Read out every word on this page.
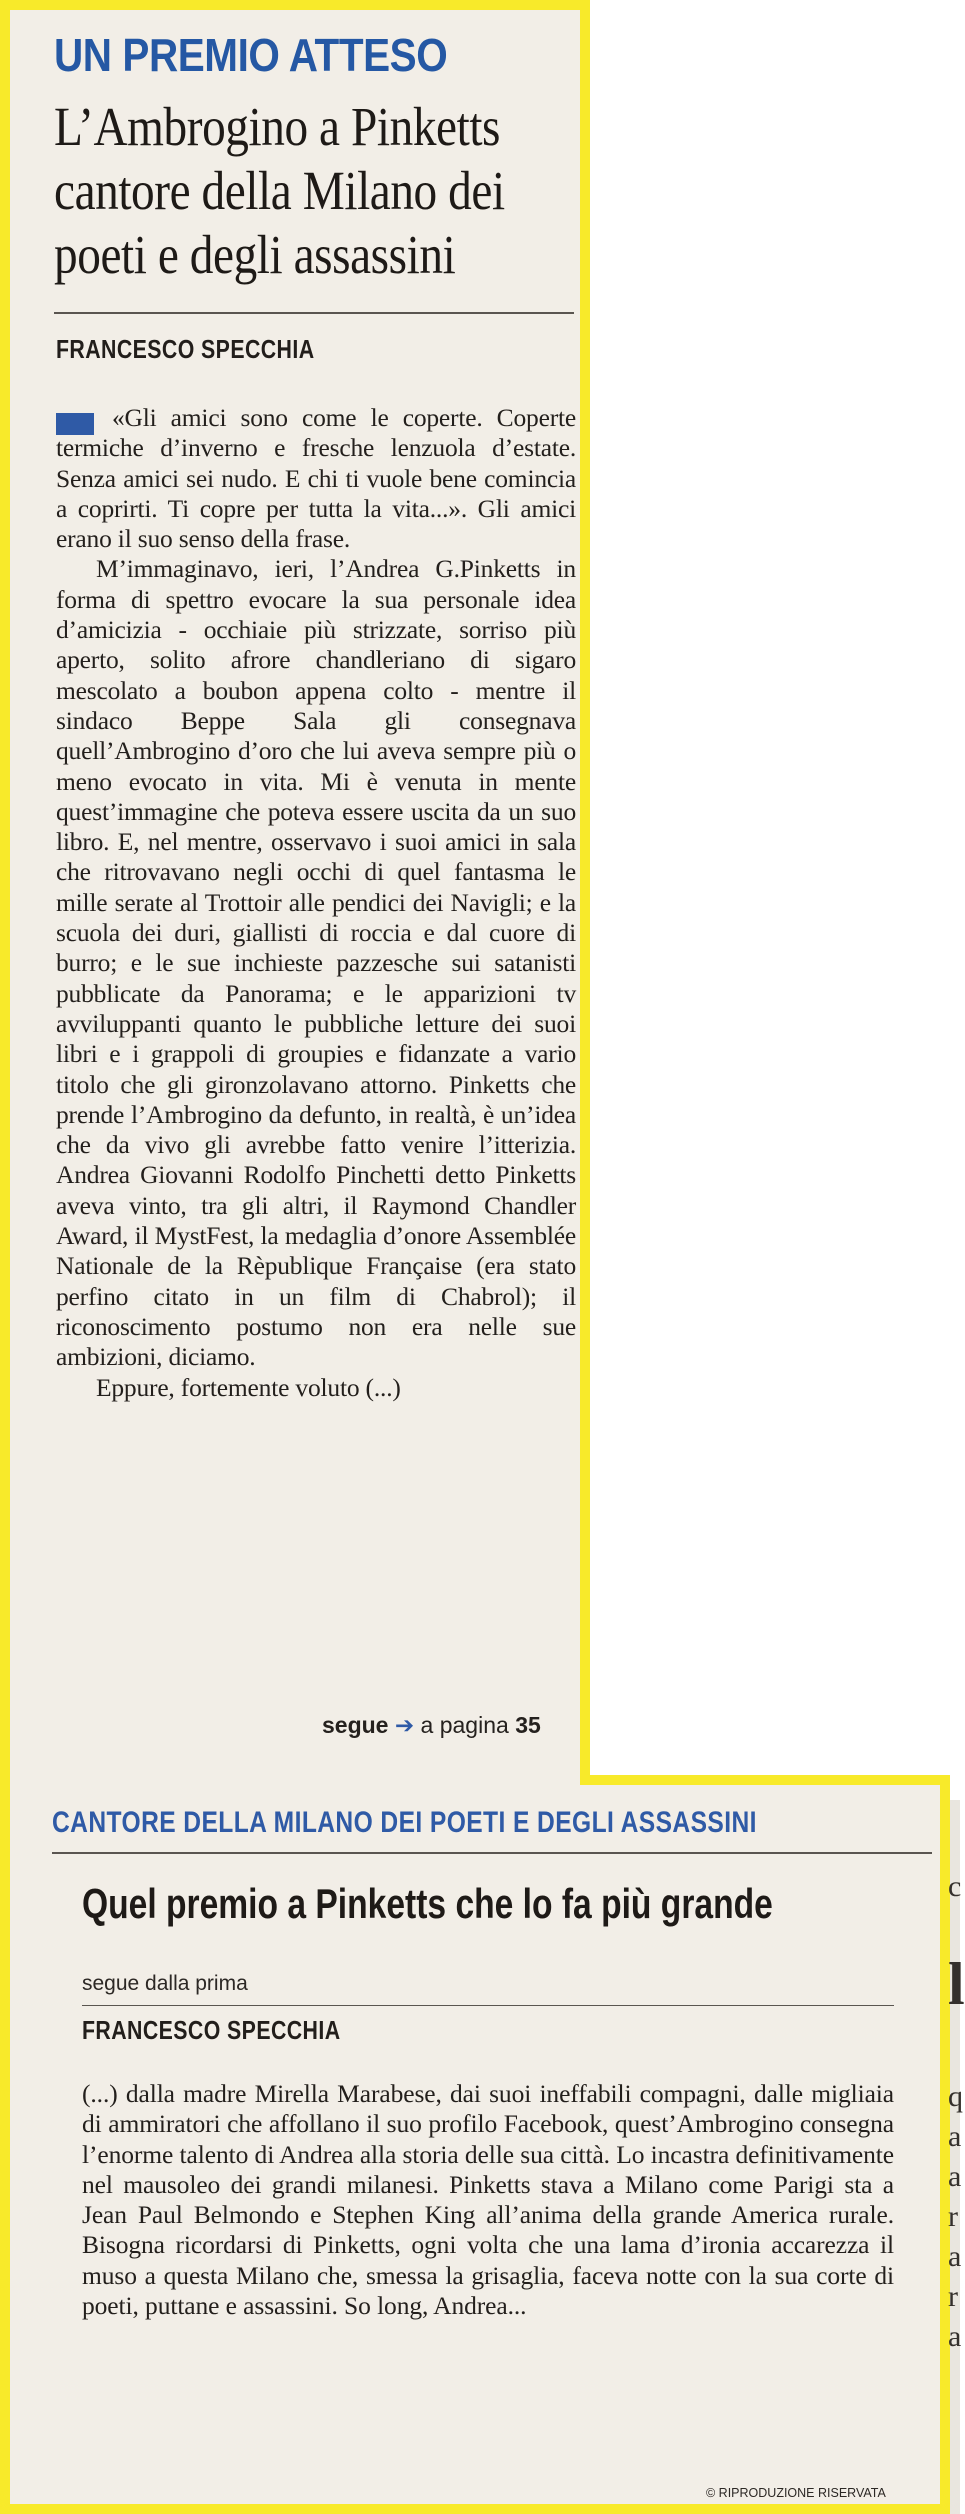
c
l
q
a
a
r
a
r
a
UN PREMIO ATTESO
L’Ambrogino a Pinketts cantore della Milano dei poeti e degli assassini
FRANCESCO SPECCHIA

«Gli amici sono come le coperte. Coperte termiche d’inverno e fresche lenzuola d’estate. Senza amici sei nudo. E chi ti vuole bene comincia a coprirti. Ti copre per tutta la vita...». Gli amici erano il suo senso della frase.

M’immaginavo, ieri, l’Andrea G.Pinketts in forma di spettro evocare la sua personale idea d’amicizia - occhiaie più strizzate, sorriso più aperto, solito afrore chandleriano di sigaro mescolato a boubon appena colto - mentre il sindaco Beppe Sala gli consegnava quell’Ambrogino d’oro che lui aveva sempre più o meno evocato in vita. Mi è venuta in mente quest’immagine che poteva essere uscita da un suo libro. E, nel mentre, osservavo i suoi amici in sala che ritrovavano negli occhi di quel fantasma le mille serate al Trottoir alle pendici dei Navigli; e la scuola dei duri, giallisti di roccia e dal cuore di burro; e le sue inchieste pazzesche sui satanisti pubblicate da Panorama; e le apparizioni tv avviluppanti quanto le pubbliche letture dei suoi libri e i grappoli di groupies e fidanzate a vario titolo che gli gironzolavano attorno. Pinketts che prende l’Ambrogino da defunto, in realtà, è un’idea che da vivo gli avrebbe fatto venire l’itterizia. Andrea Giovanni Rodolfo Pinchetti detto Pinketts aveva vinto, tra gli altri, il Raymond Chandler Award, il MystFest, la medaglia d’onore Assemblée Nationale de la Rèpublique Française (era stato perfino citato in un film di Chabrol); il riconoscimento postumo non era nelle sue ambizioni, diciamo.

Eppure, fortemente voluto (...)

segue ➔ a pagina 35
CANTORE DELLA MILANO DEI POETI E DEGLI ASSASSINI
Quel premio a Pinketts che lo fa più grande
segue dalla prima
FRANCESCO SPECCHIA

(...) dalla madre Mirella Marabese, dai suoi ineffabili compagni, dalle migliaia di ammiratori che affollano il suo profilo Facebook, quest’Ambrogino consegna l’enorme talento di Andrea alla storia delle sua città. Lo incastra definitivamente nel mausoleo dei grandi milanesi. Pinketts stava a Milano come Parigi sta a Jean Paul Belmondo e Stephen King all’anima della grande America rurale. Bisogna ricordarsi di Pinketts, ogni volta che una lama d’ironia accarezza il muso a questa Milano che, smessa la grisaglia, faceva notte con la sua corte di poeti, puttane e assassini. So long, Andrea...

© RIPRODUZIONE RISERVATA
